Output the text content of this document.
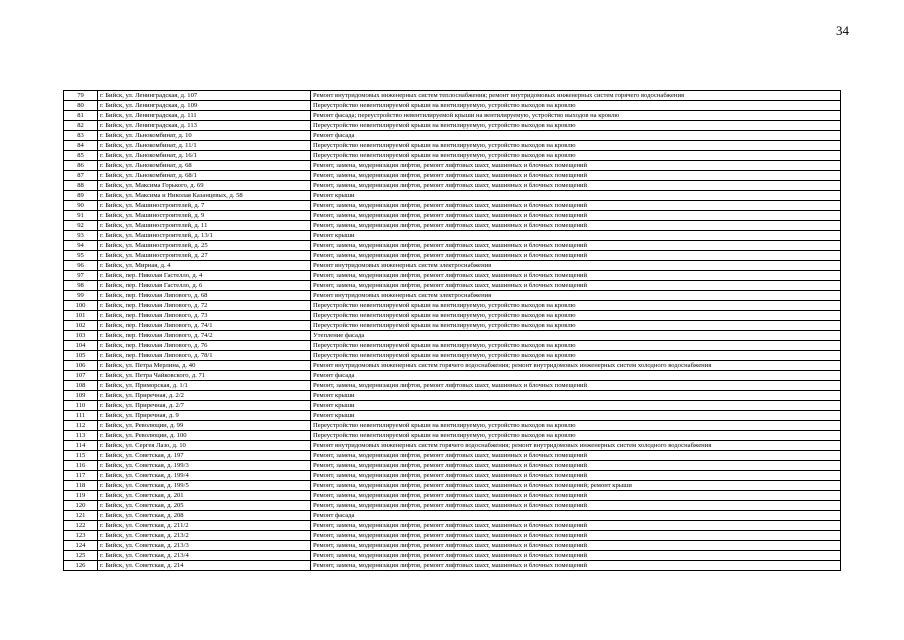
34
79	г. Бийск, ул. Ленинградская, д. 107	Ремонт внутридомовых инженерных систем теплоснабжения; ремонт внутридомовых инженерных систем горячего водоснабжения
80	г. Бийск, ул. Ленинградская, д. 109	Переустройство невентилируемой крыши на вентилируемую, устройство выходов на кровлю
81	г. Бийск, ул. Ленинградская, д. 111	Ремонт фасада; переустройство невентилируемой крыши на вентилируемую, устройство выходов на кровлю
82	г. Бийск, ул. Ленинградская, д. 113	Переустройство невентилируемой крыши на вентилируемую, устройство выходов на кровлю
83	г. Бийск, ул. Льнокомбинат, д. 10	Ремонт фасада
84	г. Бийск, ул. Льнокомбинат, д. 11/1	Переустройство невентилируемой крыши на вентилируемую, устройство выходов на кровлю
85	г. Бийск, ул. Льнокомбинат, д. 16/1	Переустройство невентилируемой крыши на вентилируемую, устройство выходов на кровлю
86	г. Бийск, ул. Льнокомбинат, д. 68	Ремонт, замена, модернизация лифтов, ремонт лифтовых шахт, машинных и блочных помещений
87	г. Бийск, ул. Льнокомбинат, д. 68/1	Ремонт, замена, модернизация лифтов, ремонт лифтовых шахт, машинных и блочных помещений
88	г. Бийск, ул. Максима Горького, д. 69	Ремонт, замена, модернизация лифтов, ремонт лифтовых шахт, машинных и блочных помещений
89	г. Бийск, ул. Максима и Николая Казанцевых, д. 58	Ремонт крыши
90	г. Бийск, ул. Машиностроителей, д. 7	Ремонт, замена, модернизация лифтов, ремонт лифтовых шахт, машинных и блочных помещений
91	г. Бийск, ул. Машиностроителей, д. 9	Ремонт, замена, модернизация лифтов, ремонт лифтовых шахт, машинных и блочных помещений
92	г. Бийск, ул. Машиностроителей, д. 11	Ремонт, замена, модернизация лифтов, ремонт лифтовых шахт, машинных и блочных помещений
93	г. Бийск, ул. Машиностроителей, д. 13/1	Ремонт крыши
94	г. Бийск, ул. Машиностроителей, д. 25	Ремонт, замена, модернизация лифтов, ремонт лифтовых шахт, машинных и блочных помещений
95	г. Бийск, ул. Машиностроителей, д. 27	Ремонт, замена, модернизация лифтов, ремонт лифтовых шахт, машинных и блочных помещений
96	г. Бийск, ул. Мирная, д. 4	Ремонт внутридомовых инженерных систем электроснабжения
97	г. Бийск, пер. Николая Гастелло, д. 4	Ремонт, замена, модернизация лифтов, ремонт лифтовых шахт, машинных и блочных помещений
98	г. Бийск, пер. Николая Гастелло, д. 6	Ремонт, замена, модернизация лифтов, ремонт лифтовых шахт, машинных и блочных помещений
99	г. Бийск, пер. Николая Липового, д. 68	Ремонт внутридомовых инженерных систем электроснабжения
100	г. Бийск, пер. Николая Липового, д. 72	Переустройство невентилируемой крыши на вентилируемую, устройство выходов на кровлю
101	г. Бийск, пер. Николая Липового, д. 73	Переустройство невентилируемой крыши на вентилируемую, устройство выходов на кровлю
102	г. Бийск, пер. Николая Липового, д. 74/1	Переустройство невентилируемой крыши на вентилируемую, устройство выходов на кровлю
103	г. Бийск, пер. Николая Липового, д. 74/2	Утепление фасада
104	г. Бийск, пер. Николая Липового, д. 76	Переустройство невентилируемой крыши на вентилируемую, устройство выходов на кровлю
105	г. Бийск, пер. Николая Липового, д. 78/1	Переустройство невентилируемой крыши на вентилируемую, устройство выходов на кровлю
106	г. Бийск, ул. Петра Мерлина, д. 40	Ремонт внутридомовых инженерных систем горячего водоснабжения; ремонт внутридомовых инженерных систем холодного водоснабжения
107	г. Бийск, ул. Петра Чайковского, д. 71	Ремонт фасада
108	г. Бийск, ул. Приморская, д. 1/1	Ремонт, замена, модернизация лифтов, ремонт лифтовых шахт, машинных и блочных помещений
109	г. Бийск, ул. Приречная, д. 2/2	Ремонт крыши
110	г. Бийск, ул. Приречная, д. 2/7	Ремонт крыши
111	г. Бийск, ул. Приречная, д. 9	Ремонт крыши
112	г. Бийск, ул. Революции, д. 99	Переустройство невентилируемой крыши на вентилируемую, устройство выходов на кровлю
113	г. Бийск, ул. Революции, д. 100	Переустройство невентилируемой крыши на вентилируемую, устройство выходов на кровлю
114	г. Бийск, ул. Сергея Лазо, д. 10	Ремонт внутридомовых инженерных систем горячего водоснабжения; ремонт внутридомовых инженерных систем холодного водоснабжения
115	г. Бийск, ул. Советская, д. 197	Ремонт, замена, модернизация лифтов, ремонт лифтовых шахт, машинных и блочных помещений
116	г. Бийск, ул. Советская, д. 199/3	Ремонт, замена, модернизация лифтов, ремонт лифтовых шахт, машинных и блочных помещений
117	г. Бийск, ул. Советская, д. 199/4	Ремонт, замена, модернизация лифтов, ремонт лифтовых шахт, машинных и блочных помещений
118	г. Бийск, ул. Советская, д. 199/5	Ремонт, замена, модернизация лифтов, ремонт лифтовых шахт, машинных и блочных помещений; ремонт крыши
119	г. Бийск, ул. Советская, д. 201	Ремонт, замена, модернизация лифтов, ремонт лифтовых шахт, машинных и блочных помещений
120	г. Бийск, ул. Советская, д. 205	Ремонт, замена, модернизация лифтов, ремонт лифтовых шахт, машинных и блочных помещений
121	г. Бийск, ул. Советская, д. 208	Ремонт фасада
122	г. Бийск, ул. Советская, д. 211/2	Ремонт, замена, модернизация лифтов, ремонт лифтовых шахт, машинных и блочных помещений
123	г. Бийск, ул. Советская, д. 213/2	Ремонт, замена, модернизация лифтов, ремонт лифтовых шахт, машинных и блочных помещений
124	г. Бийск, ул. Советская, д. 213/3	Ремонт, замена, модернизация лифтов, ремонт лифтовых шахт, машинных и блочных помещений
125	г. Бийск, ул. Советская, д. 213/4	Ремонт, замена, модернизация лифтов, ремонт лифтовых шахт, машинных и блочных помещений
126	г. Бийск, ул. Советская, д. 214	Ремонт, замена, модернизация лифтов, ремонт лифтовых шахт, машинных и блочных помещений
